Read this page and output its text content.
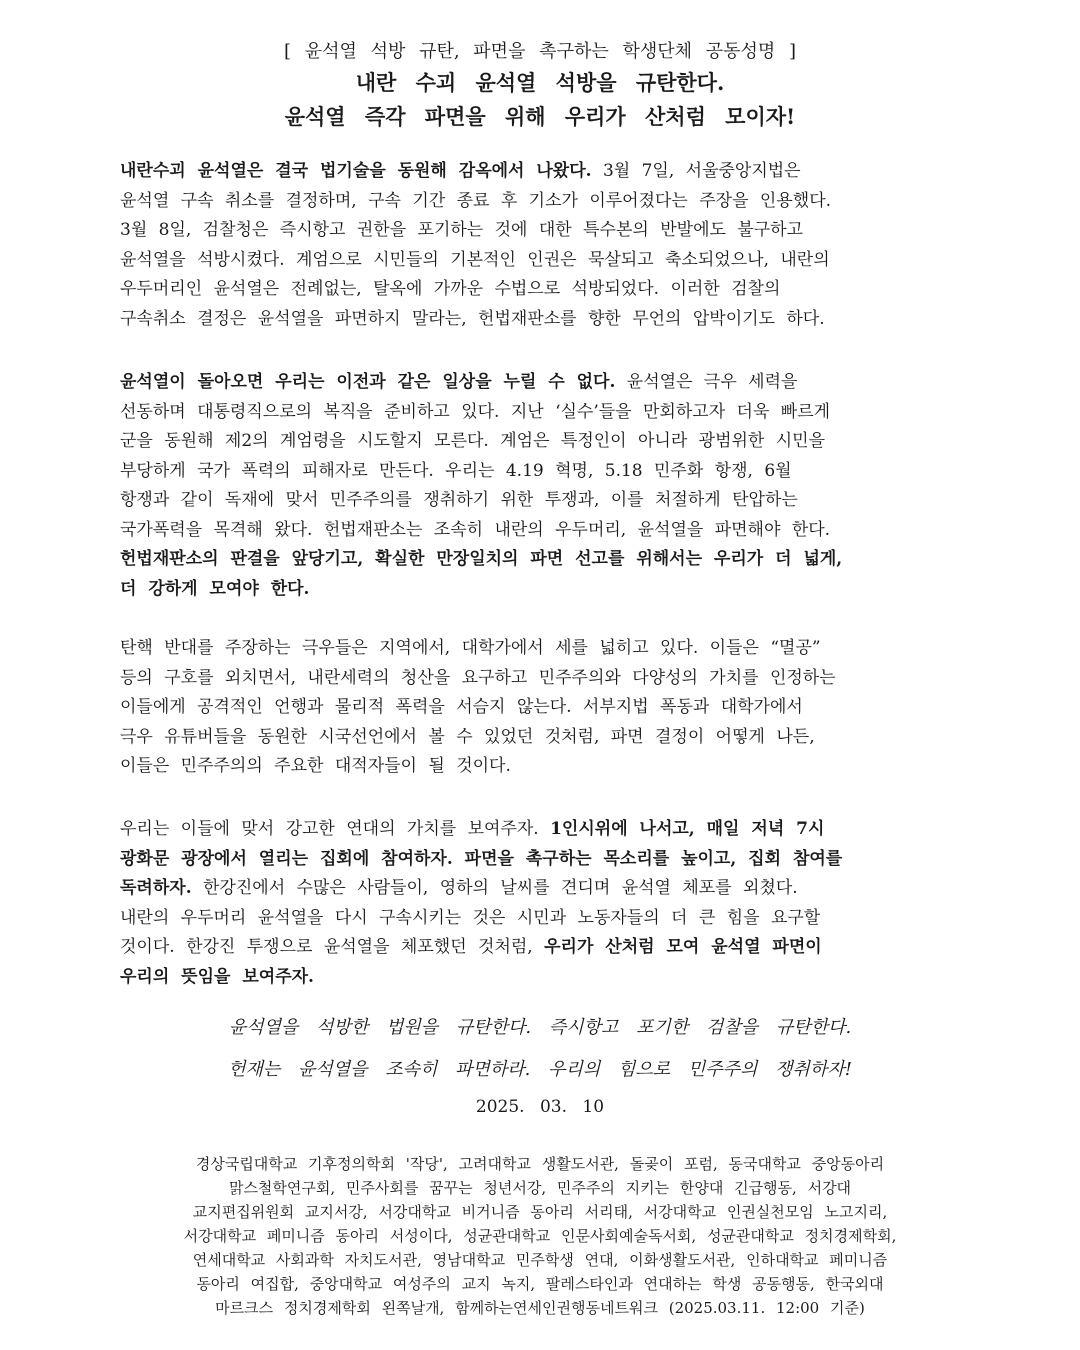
[ 윤석열 석방 규탄, 파면을 촉구하는 학생단체 공동성명 ]
내란 수괴 윤석열 석방을 규탄한다.
윤석열 즉각 파면을 위해 우리가 산처럼 모이자!
내란수괴 윤석열은 결국 법기술을 동원해 감옥에서 나왔다. 3월 7일, 서울중앙지법은
윤석열 구속 취소를 결정하며, 구속 기간 종료 후 기소가 이루어졌다는 주장을 인용했다.
3월 8일, 검찰청은 즉시항고 권한을 포기하는 것에 대한 특수본의 반발에도 불구하고
윤석열을 석방시켰다. 계엄으로 시민들의 기본적인 인권은 묵살되고 축소되었으나, 내란의
우두머리인 윤석열은 전례없는, 탈옥에 가까운 수법으로 석방되었다. 이러한 검찰의
구속취소 결정은 윤석열을 파면하지 말라는, 헌법재판소를 향한 무언의 압박이기도 하다.
윤석열이 돌아오면 우리는 이전과 같은 일상을 누릴 수 없다. 윤석열은 극우 세력을
선동하며 대통령직으로의 복직을 준비하고 있다. 지난 ‘실수’들을 만회하고자 더욱 빠르게
군을 동원해 제2의 계엄령을 시도할지 모른다. 계엄은 특정인이 아니라 광범위한 시민을
부당하게 국가 폭력의 피해자로 만든다. 우리는 4.19 혁명, 5.18 민주화 항쟁, 6월
항쟁과 같이 독재에 맞서 민주주의를 쟁취하기 위한 투쟁과, 이를 처절하게 탄압하는
국가폭력을 목격해 왔다. 헌법재판소는 조속히 내란의 우두머리, 윤석열을 파면해야 한다.
헌법재판소의 판결을 앞당기고, 확실한 만장일치의 파면 선고를 위해서는 우리가 더 넓게,
더 강하게 모여야 한다.
탄핵 반대를 주장하는 극우들은 지역에서, 대학가에서 세를 넓히고 있다. 이들은 “멸공”
등의 구호를 외치면서, 내란세력의 청산을 요구하고 민주주의와 다양성의 가치를 인정하는
이들에게 공격적인 언행과 물리적 폭력을 서슴지 않는다. 서부지법 폭동과 대학가에서
극우 유튜버들을 동원한 시국선언에서 볼 수 있었던 것처럼, 파면 결정이 어떻게 나든,
이들은 민주주의의 주요한 대적자들이 될 것이다.
우리는 이들에 맞서 강고한 연대의 가치를 보여주자. 1인시위에 나서고, 매일 저녁 7시
광화문 광장에서 열리는 집회에 참여하자. 파면을 촉구하는 목소리를 높이고, 집회 참여를
독려하자. 한강진에서 수많은 사람들이, 영하의 날씨를 견디며 윤석열 체포를 외쳤다.
내란의 우두머리 윤석열을 다시 구속시키는 것은 시민과 노동자들의 더 큰 힘을 요구할
것이다. 한강진 투쟁으로 윤석열을 체포했던 것처럼, 우리가 산처럼 모여 윤석열 파면이
우리의 뜻임을 보여주자.
윤석열을 석방한 법원을 규탄한다. 즉시항고 포기한 검찰을 규탄한다.
헌재는 윤석열을 조속히 파면하라. 우리의 힘으로 민주주의 쟁취하자!
2025. 03. 10
경상국립대학교 기후정의학회 '작당', 고려대학교 생활도서관, 돌곶이 포럼, 동국대학교 중앙동아리
맑스철학연구회, 민주사회를 꿈꾸는 청년서강, 민주주의 지키는 한양대 긴급행동, 서강대
교지편집위원회 교지서강, 서강대학교 비거니즘 동아리 서리태, 서강대학교 인권실천모임 노고지리,
서강대학교 페미니즘 동아리 서성이다, 성균관대학교 인문사회예술독서회, 성균관대학교 정치경제학회,
연세대학교 사회과학 자치도서관, 영남대학교 민주학생 연대, 이화생활도서관, 인하대학교 페미니즘
동아리 여집합, 중앙대학교 여성주의 교지 녹지, 팔레스타인과 연대하는 학생 공동행동, 한국외대
마르크스 정치경제학회 왼쪽날개, 함께하는연세인권행동네트워크 (2025.03.11. 12:00 기준)
